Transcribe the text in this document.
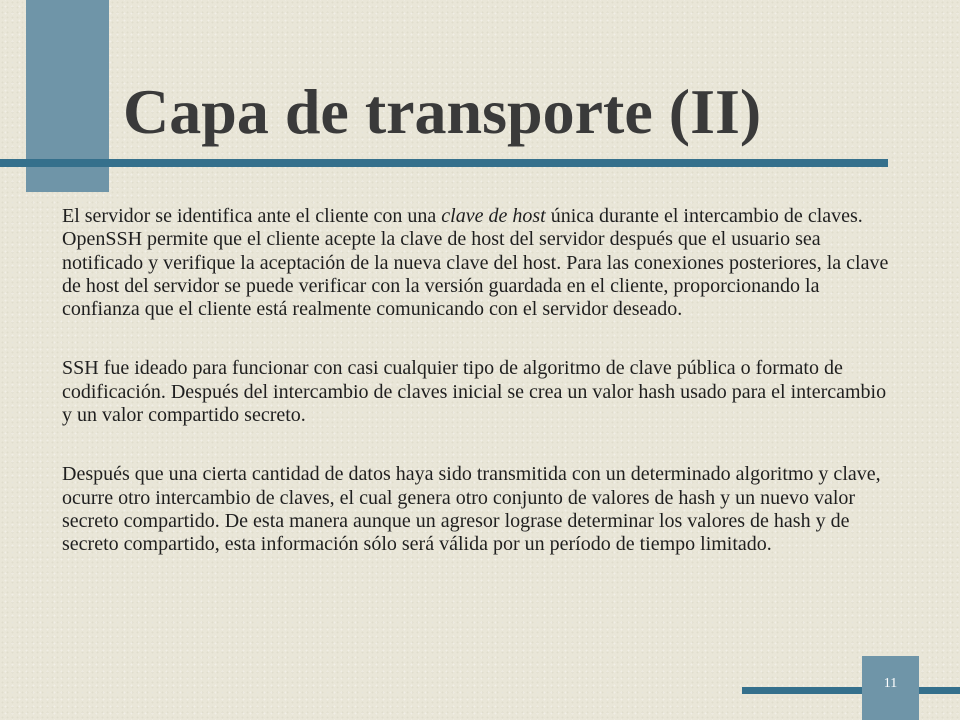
Capa de transporte (II)

El servidor se identifica ante el cliente con una clave de host única durante el intercambio de claves. OpenSSH permite que el cliente acepte la clave de host del servidor después que el usuario sea notificado y verifique la aceptación de la nueva clave del host. Para las conexiones posteriores, la clave de host del servidor se puede verificar con la versión guardada en el cliente, proporcionando la confianza que el cliente está realmente comunicando con el servidor deseado.

SSH fue ideado para funcionar con casi cualquier tipo de algoritmo de clave pública o formato de codificación. Después del intercambio de claves inicial se crea un valor hash usado para el intercambio y un valor compartido secreto.

Después que una cierta cantidad de datos haya sido transmitida con un determinado algoritmo y clave, ocurre otro intercambio de claves, el cual genera otro conjunto de valores de hash y un nuevo valor secreto compartido. De esta manera aunque un agresor lograse determinar los valores de hash y de secreto compartido, esta información sólo será válida por un período de tiempo limitado.

11
